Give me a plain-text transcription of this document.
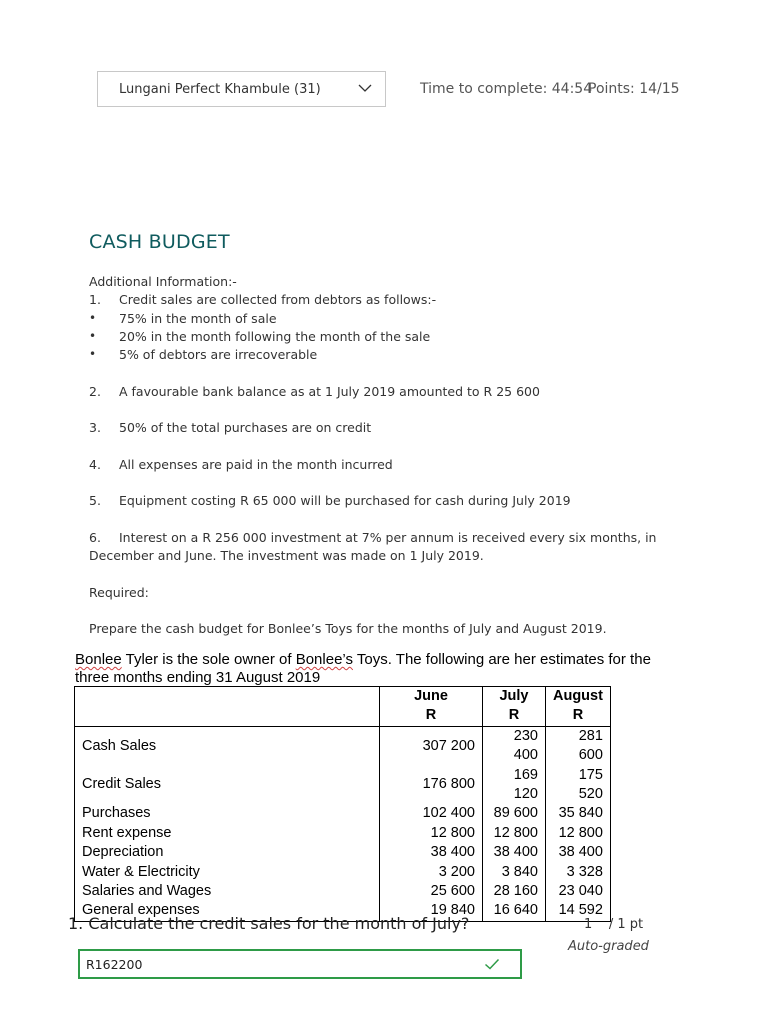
Lungani Perfect Khambule (31)	Time to complete: 44:54
Points: 14/15
CASH BUDGET
Additional Information:-
1. Credit sales are collected from debtors as follows:-
• 75% in the month of sale
• 20% in the month following the month of the sale
• 5% of debtors are irrecoverable
2. A favourable bank balance as at 1 July 2019 amounted to R 25 600
3. 50% of the total purchases are on credit
4. All expenses are paid in the month incurred
5. Equipment costing R 65 000 will be purchased for cash during July 2019
6. Interest on a R 256 000 investment at 7% per annum is received every six months, in
December and June. The investment was made on 1 July 2019.
Required:
Prepare the cash budget for Bonlee’s Toys for the months of July and August 2019.
Bonlee Tyler is the sole owner of Bonlee’s Toys. The following are her estimates for the
three months ending 31 August 2019
	June	July	August
	R	R	R
Cash Sales	307 200	230 400	281 600
Credit Sales	176 800	169 120	175 520
Purchases	102 400	89 600	35 840
Rent expense	12 800	12 800	12 800
Depreciation	38 400	38 400	38 400
Water & Electricity	3 200	3 840	3 328
Salaries and Wages	25 600	28 160	23 040
General expenses	19 840	16 640	14 592
1. Calculate the credit sales for the month of July?	1 / 1 pt
Auto-graded
R162200
